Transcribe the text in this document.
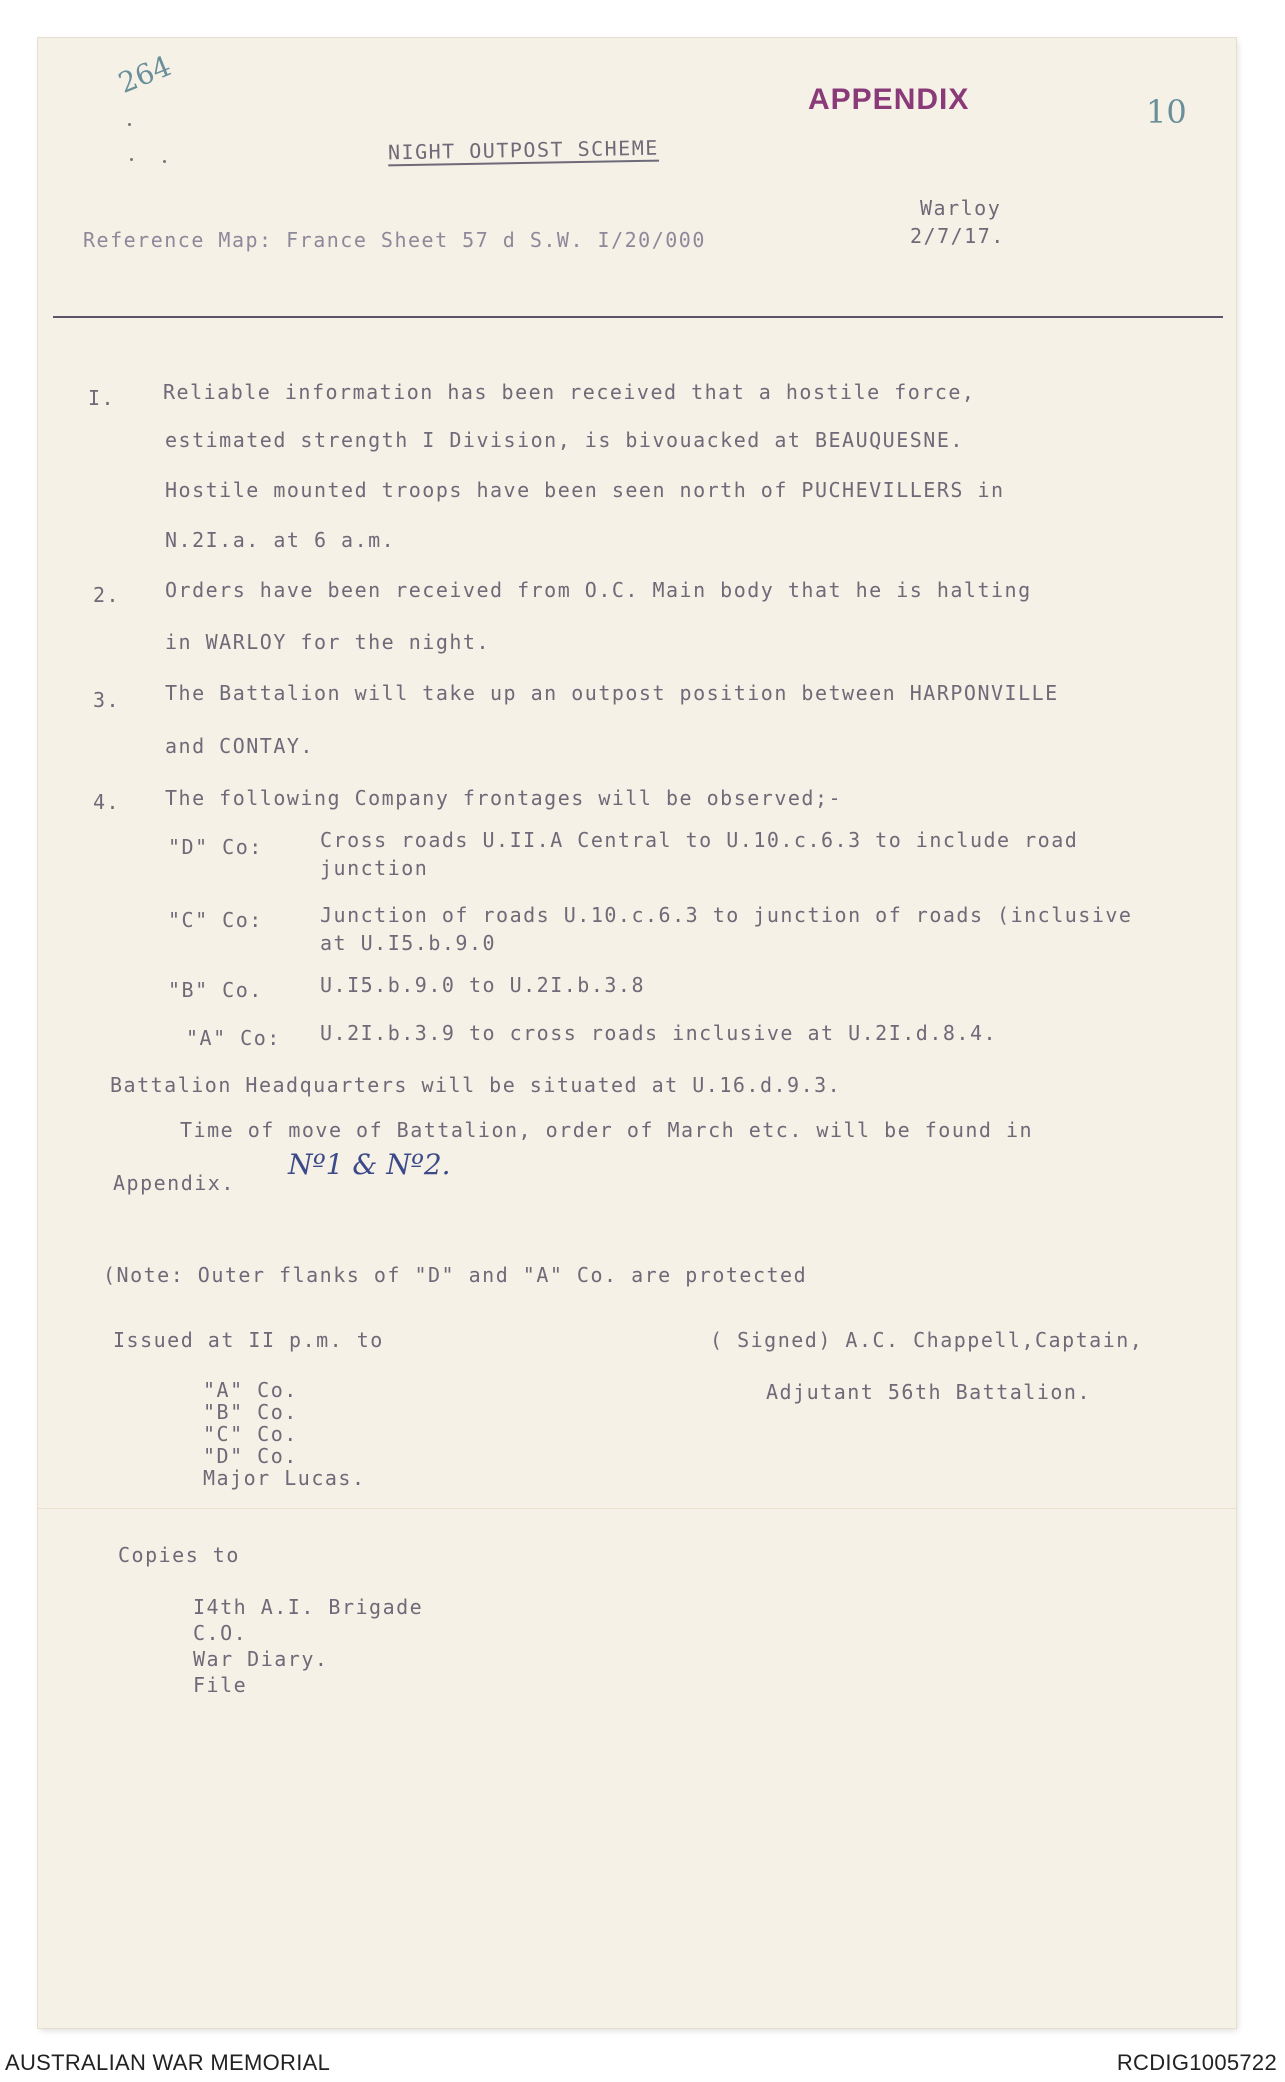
264	APPENDIX	10
NIGHT OUTPOST SCHEME
Reference Map: France Sheet 57 d S.W. I/20/000
Warloy
2/7/17.
I. Reliable information has been received that a hostile force,
estimated strength I Division, is bivouacked at BEAUQUESNE.
Hostile mounted troops have been seen north of PUCHEVILLERS in
N.2I.a. at 6 a.m.
2. Orders have been received from O.C. Main body that he is halting
in WARLOY for the night.
3. The Battalion will take up an outpost position between HARPONVILLE
and CONTAY.
4. The following Company frontages will be observed;-
"D" Co:	Cross roads U.II.A Central to U.10.c.6.3 to include road
junction
"C" Co:	Junction of roads U.10.c.6.3 to junction of roads (inclusive
at U.I5.b.9.0
"B" Co.	U.I5.b.9.0 to U.2I.b.3.8
"A" Co: U.2I.b.3.9 to cross roads inclusive at U.2I.d.8.4.
Battalion Headquarters will be situated at U.16.d.9.3.
Time of move of Battalion, order of March etc. will be found in
Appendix.
Nº1 & Nº2.
(Note: Outer flanks of "D" and "A" Co. are protected
Issued at II p.m. to
"A" Co.
"B" Co.
"C" Co.
"D" Co.
Major Lucas.
( Signed) A.C. Chappell,Captain,
Adjutant 56th Battalion.
Copies to
I4th A.I. Brigade
C.O.
War Diary.
File
AUSTRALIAN WAR MEMORIAL	RCDIG1005722
